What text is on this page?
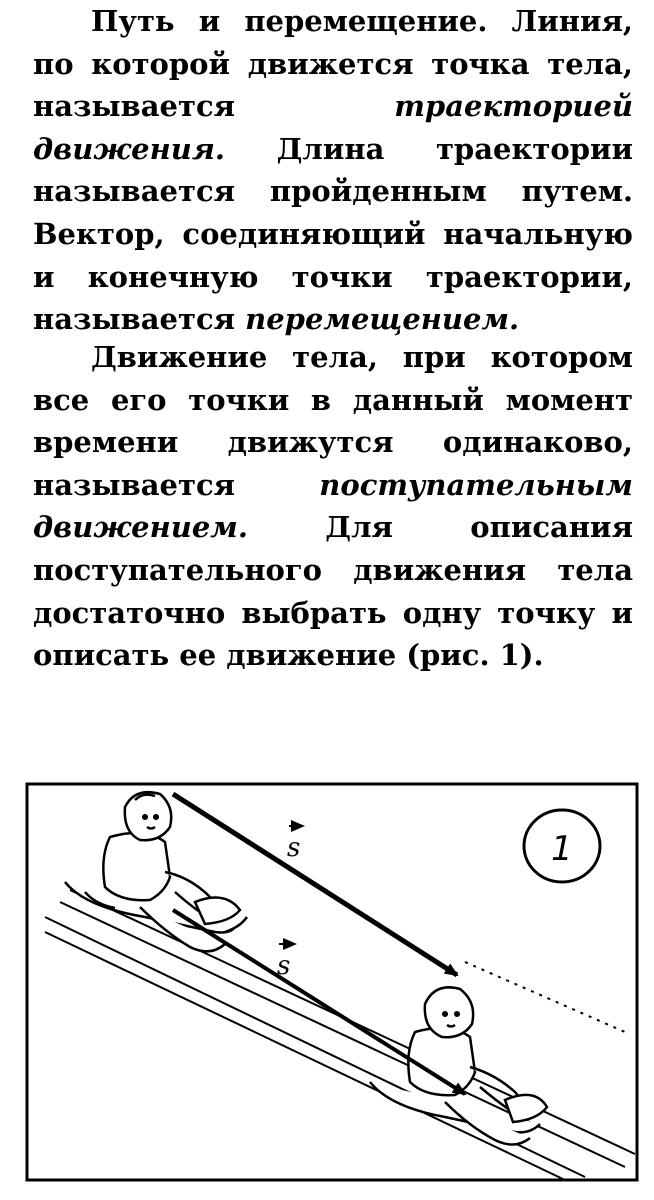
Путь и перемещение. Линия, по которой движется точка тела, называется траекторией движения. Длина траектории называется пройденным путем. Вектор, соединяющий начальную и конечную точки траектории, называется перемещением.

Движение тела, при котором все его точки в данный момент времени движутся одинаково, называется поступательным движением. Для описания поступательного движения тела достаточно выбрать одну точку и описать ее движение (рис. 1).

1
s
s
